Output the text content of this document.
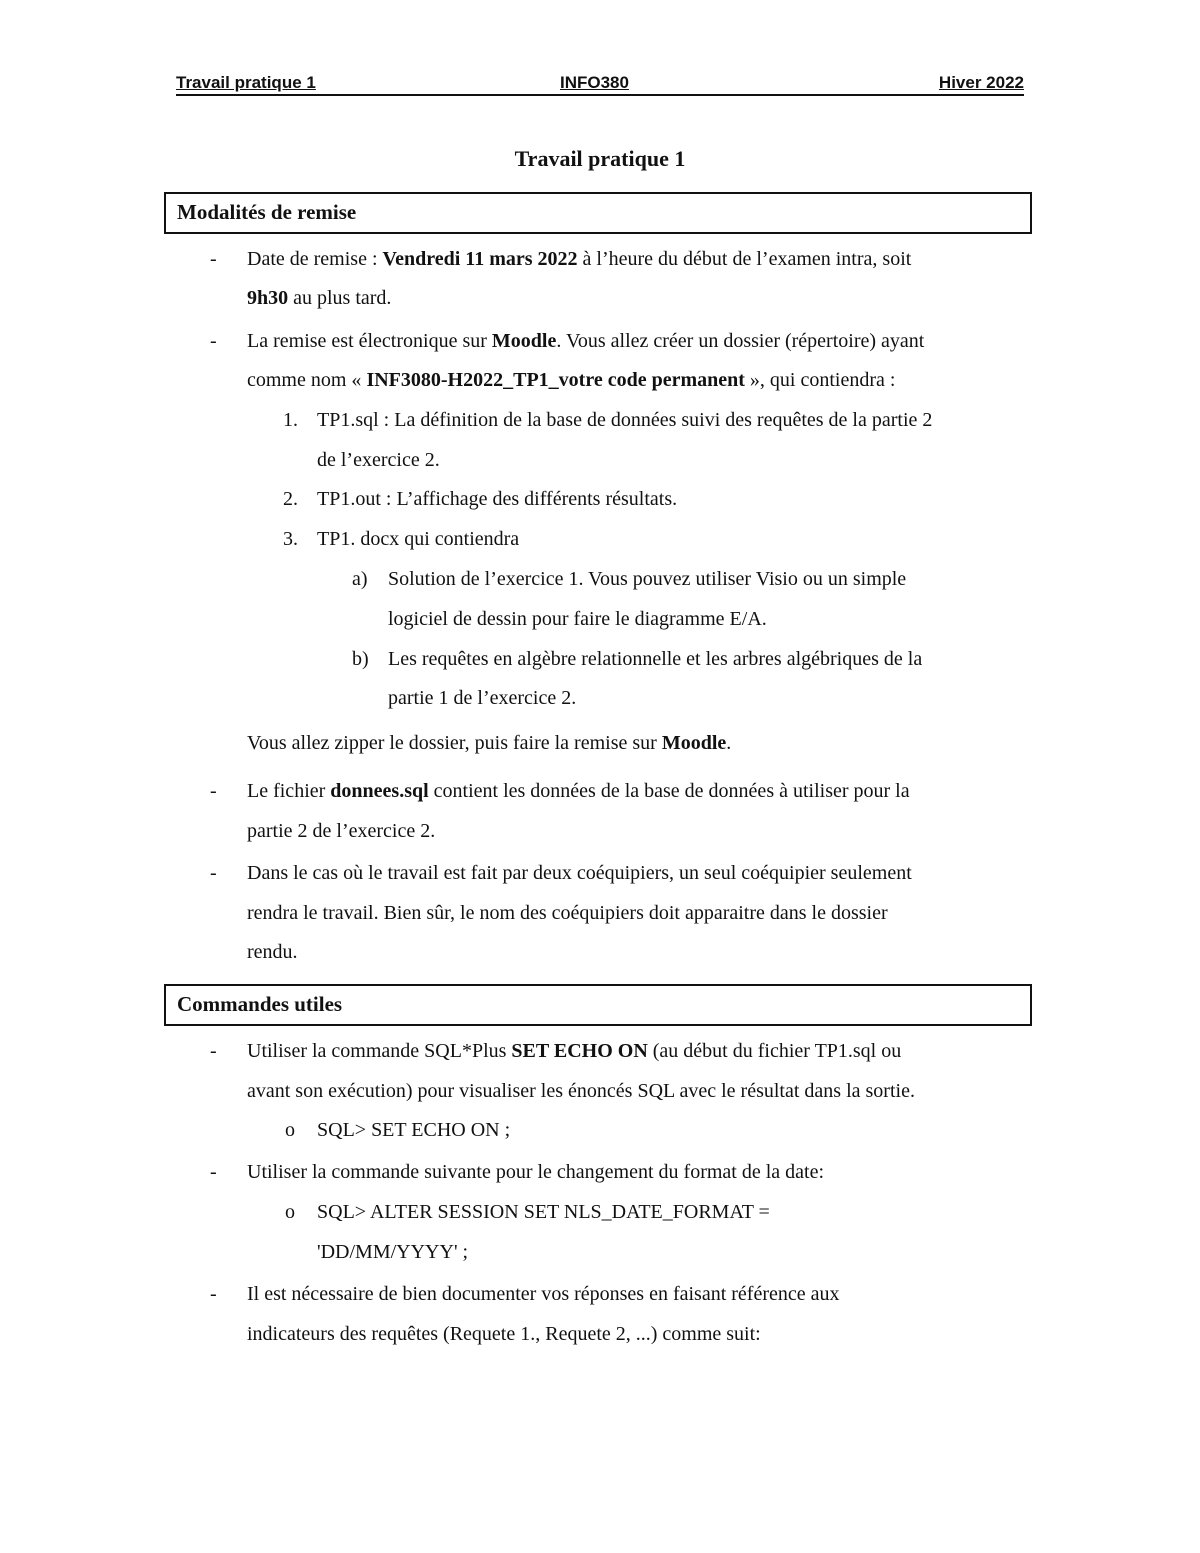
Travail pratique 1	INFO380	Hiver 2022
Travail pratique 1
Modalités de remise
- Date de remise : Vendredi 11 mars 2022 à l’heure du début de l’examen intra, soit
9h30 au plus tard.
- La remise est électronique sur Moodle. Vous allez créer un dossier (répertoire) ayant
comme nom « INF3080-H2022_TP1_votre code permanent », qui contiendra :
1. TP1.sql : La définition de la base de données suivi des requêtes de la partie 2
de l’exercice 2.
2. TP1.out : L’affichage des différents résultats.
3. TP1. docx qui contiendra
a) Solution de l’exercice 1. Vous pouvez utiliser Visio ou un simple
logiciel de dessin pour faire le diagramme E/A.
b) Les requêtes en algèbre relationnelle et les arbres algébriques de la
partie 1 de l’exercice 2.
Vous allez zipper le dossier, puis faire la remise sur Moodle.
- Le fichier donnees.sql contient les données de la base de données à utiliser pour la
partie 2 de l’exercice 2.
- Dans le cas où le travail est fait par deux coéquipiers, un seul coéquipier seulement
rendra le travail. Bien sûr, le nom des coéquipiers doit apparaitre dans le dossier
rendu.
Commandes utiles
- Utiliser la commande SQL*Plus SET ECHO ON (au début du fichier TP1.sql ou
avant son exécution) pour visualiser les énoncés SQL avec le résultat dans la sortie.
o SQL> SET ECHO ON ;
- Utiliser la commande suivante pour le changement du format de la date:
o SQL> ALTER SESSION SET NLS_DATE_FORMAT =
'DD/MM/YYYY' ;
- Il est nécessaire de bien documenter vos réponses en faisant référence aux
indicateurs des requêtes (Requete 1., Requete 2, ...) comme suit:
